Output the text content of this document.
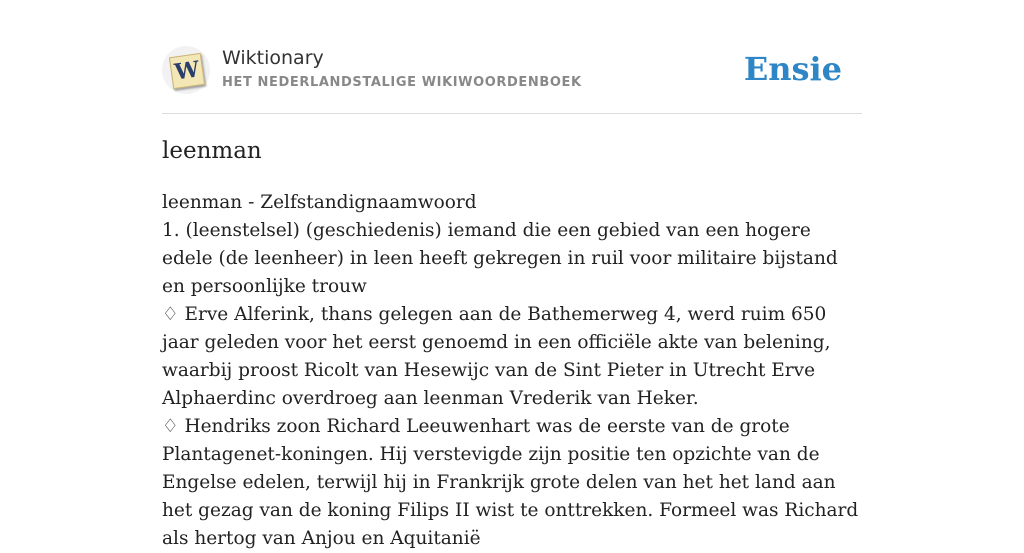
W Wiktionary
HET NEDERLANDSTALIGE WIKIWOORDENBOEK	Ensie
leenman

leenman - Zelfstandignaamwoord

1. (leenstelsel) (geschiedenis) iemand die een gebied van een hogere edele (de leenheer) in leen heeft gekregen in ruil voor militaire bijstand en persoonlijke trouw

♢ Erve Alferink, thans gelegen aan de Bathemerweg 4, werd ruim 650 jaar geleden voor het eerst genoemd in een officiële akte van belening, waarbij proost Ricolt van Hesewijc van de Sint Pieter in Utrecht Erve Alphaerdinc overdroeg aan leenman Vrederik van Heker.

♢ Hendriks zoon Richard Leeuwenhart was de eerste van de grote Plantagenet-koningen. Hij verstevigde zijn positie ten opzichte van de Engelse edelen, terwijl hij in Frankrijk grote delen van het het land aan het gezag van de koning Filips II wist te onttrekken. Formeel was Richard als hertog van Anjou en Aquitanië
